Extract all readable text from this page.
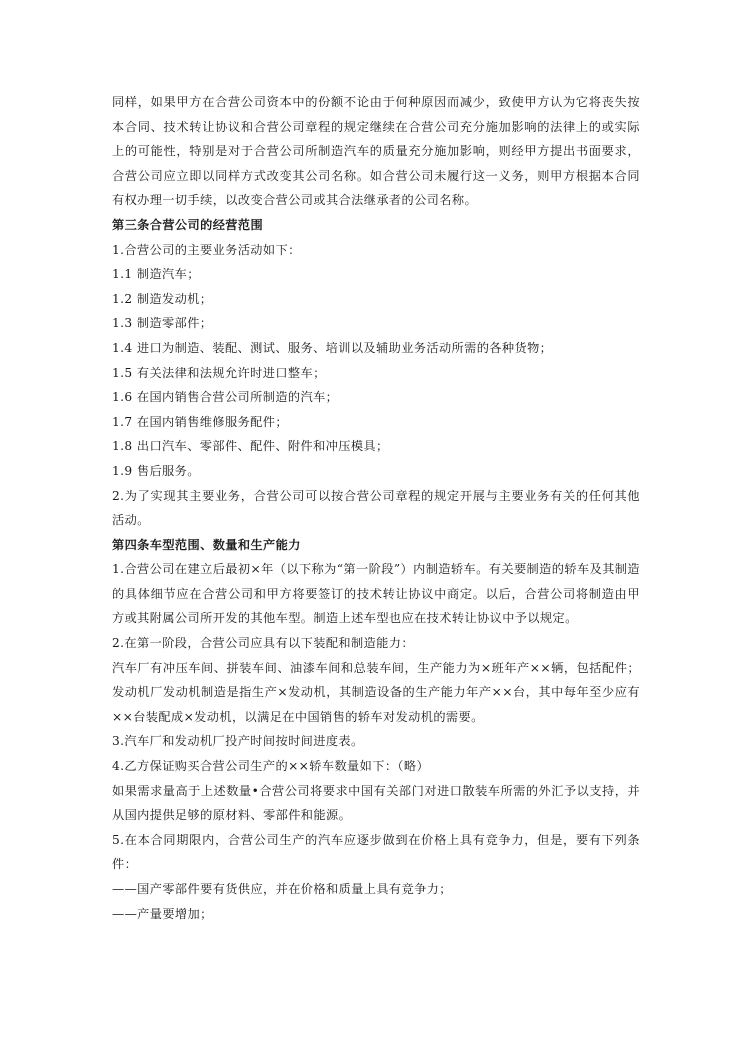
同样，如果甲方在合营公司资本中的份额不论由于何种原因而减少，致使甲方认为它将丧失按本合同、技术转让协议和合营公司章程的规定继续在合营公司充分施加影响的法律上的或实际上的可能性，特别是对于合营公司所制造汽车的质量充分施加影响，则经甲方提出书面要求，合营公司应立即以同样方式改变其公司名称。如合营公司未履行这一义务，则甲方根据本合同有权办理一切手续，以改变合营公司或其合法继承者的公司名称。

第三条合营公司的经营范围

1.合营公司的主要业务活动如下：

1.1 制造汽车；

1.2 制造发动机；

1.3 制造零部件；

1.4 进口为制造、装配、测试、服务、培训以及辅助业务活动所需的各种货物；

1.5 有关法律和法规允许时进口整车；

1.6 在国内销售合营公司所制造的汽车；

1.7 在国内销售维修服务配件；

1.8 出口汽车、零部件、配件、附件和冲压模具；

1.9 售后服务。

2.为了实现其主要业务，合营公司可以按合营公司章程的规定开展与主要业务有关的任何其他活动。

第四条车型范围、数量和生产能力

1.合营公司在建立后最初×年（以下称为“第一阶段”）内制造轿车。有关要制造的轿车及其制造的具体细节应在合营公司和甲方将要签订的技术转让协议中商定。以后，合营公司将制造由甲方或其附属公司所开发的其他车型。制造上述车型也应在技术转让协议中予以规定。

2.在第一阶段，合营公司应具有以下装配和制造能力：

汽车厂有冲压车间、拼装车间、油漆车间和总装车间，生产能力为×班年产××辆，包括配件；发动机厂发动机制造是指生产×发动机，其制造设备的生产能力年产××台，其中每年至少应有××台装配成×发动机，以满足在中国销售的轿车对发动机的需要。

3.汽车厂和发动机厂投产时间按时间进度表。

4.乙方保证购买合营公司生产的××轿车数量如下：（略）

如果需求量高于上述数量•合营公司将要求中国有关部门对进口散装车所需的外汇予以支持，并从国内提供足够的原材料、零部件和能源。

5.在本合同期限内，合营公司生产的汽车应逐步做到在价格上具有竞争力，但是，要有下列条件：

——国产零部件要有货供应，并在价格和质量上具有竞争力；

——产量要增加；
